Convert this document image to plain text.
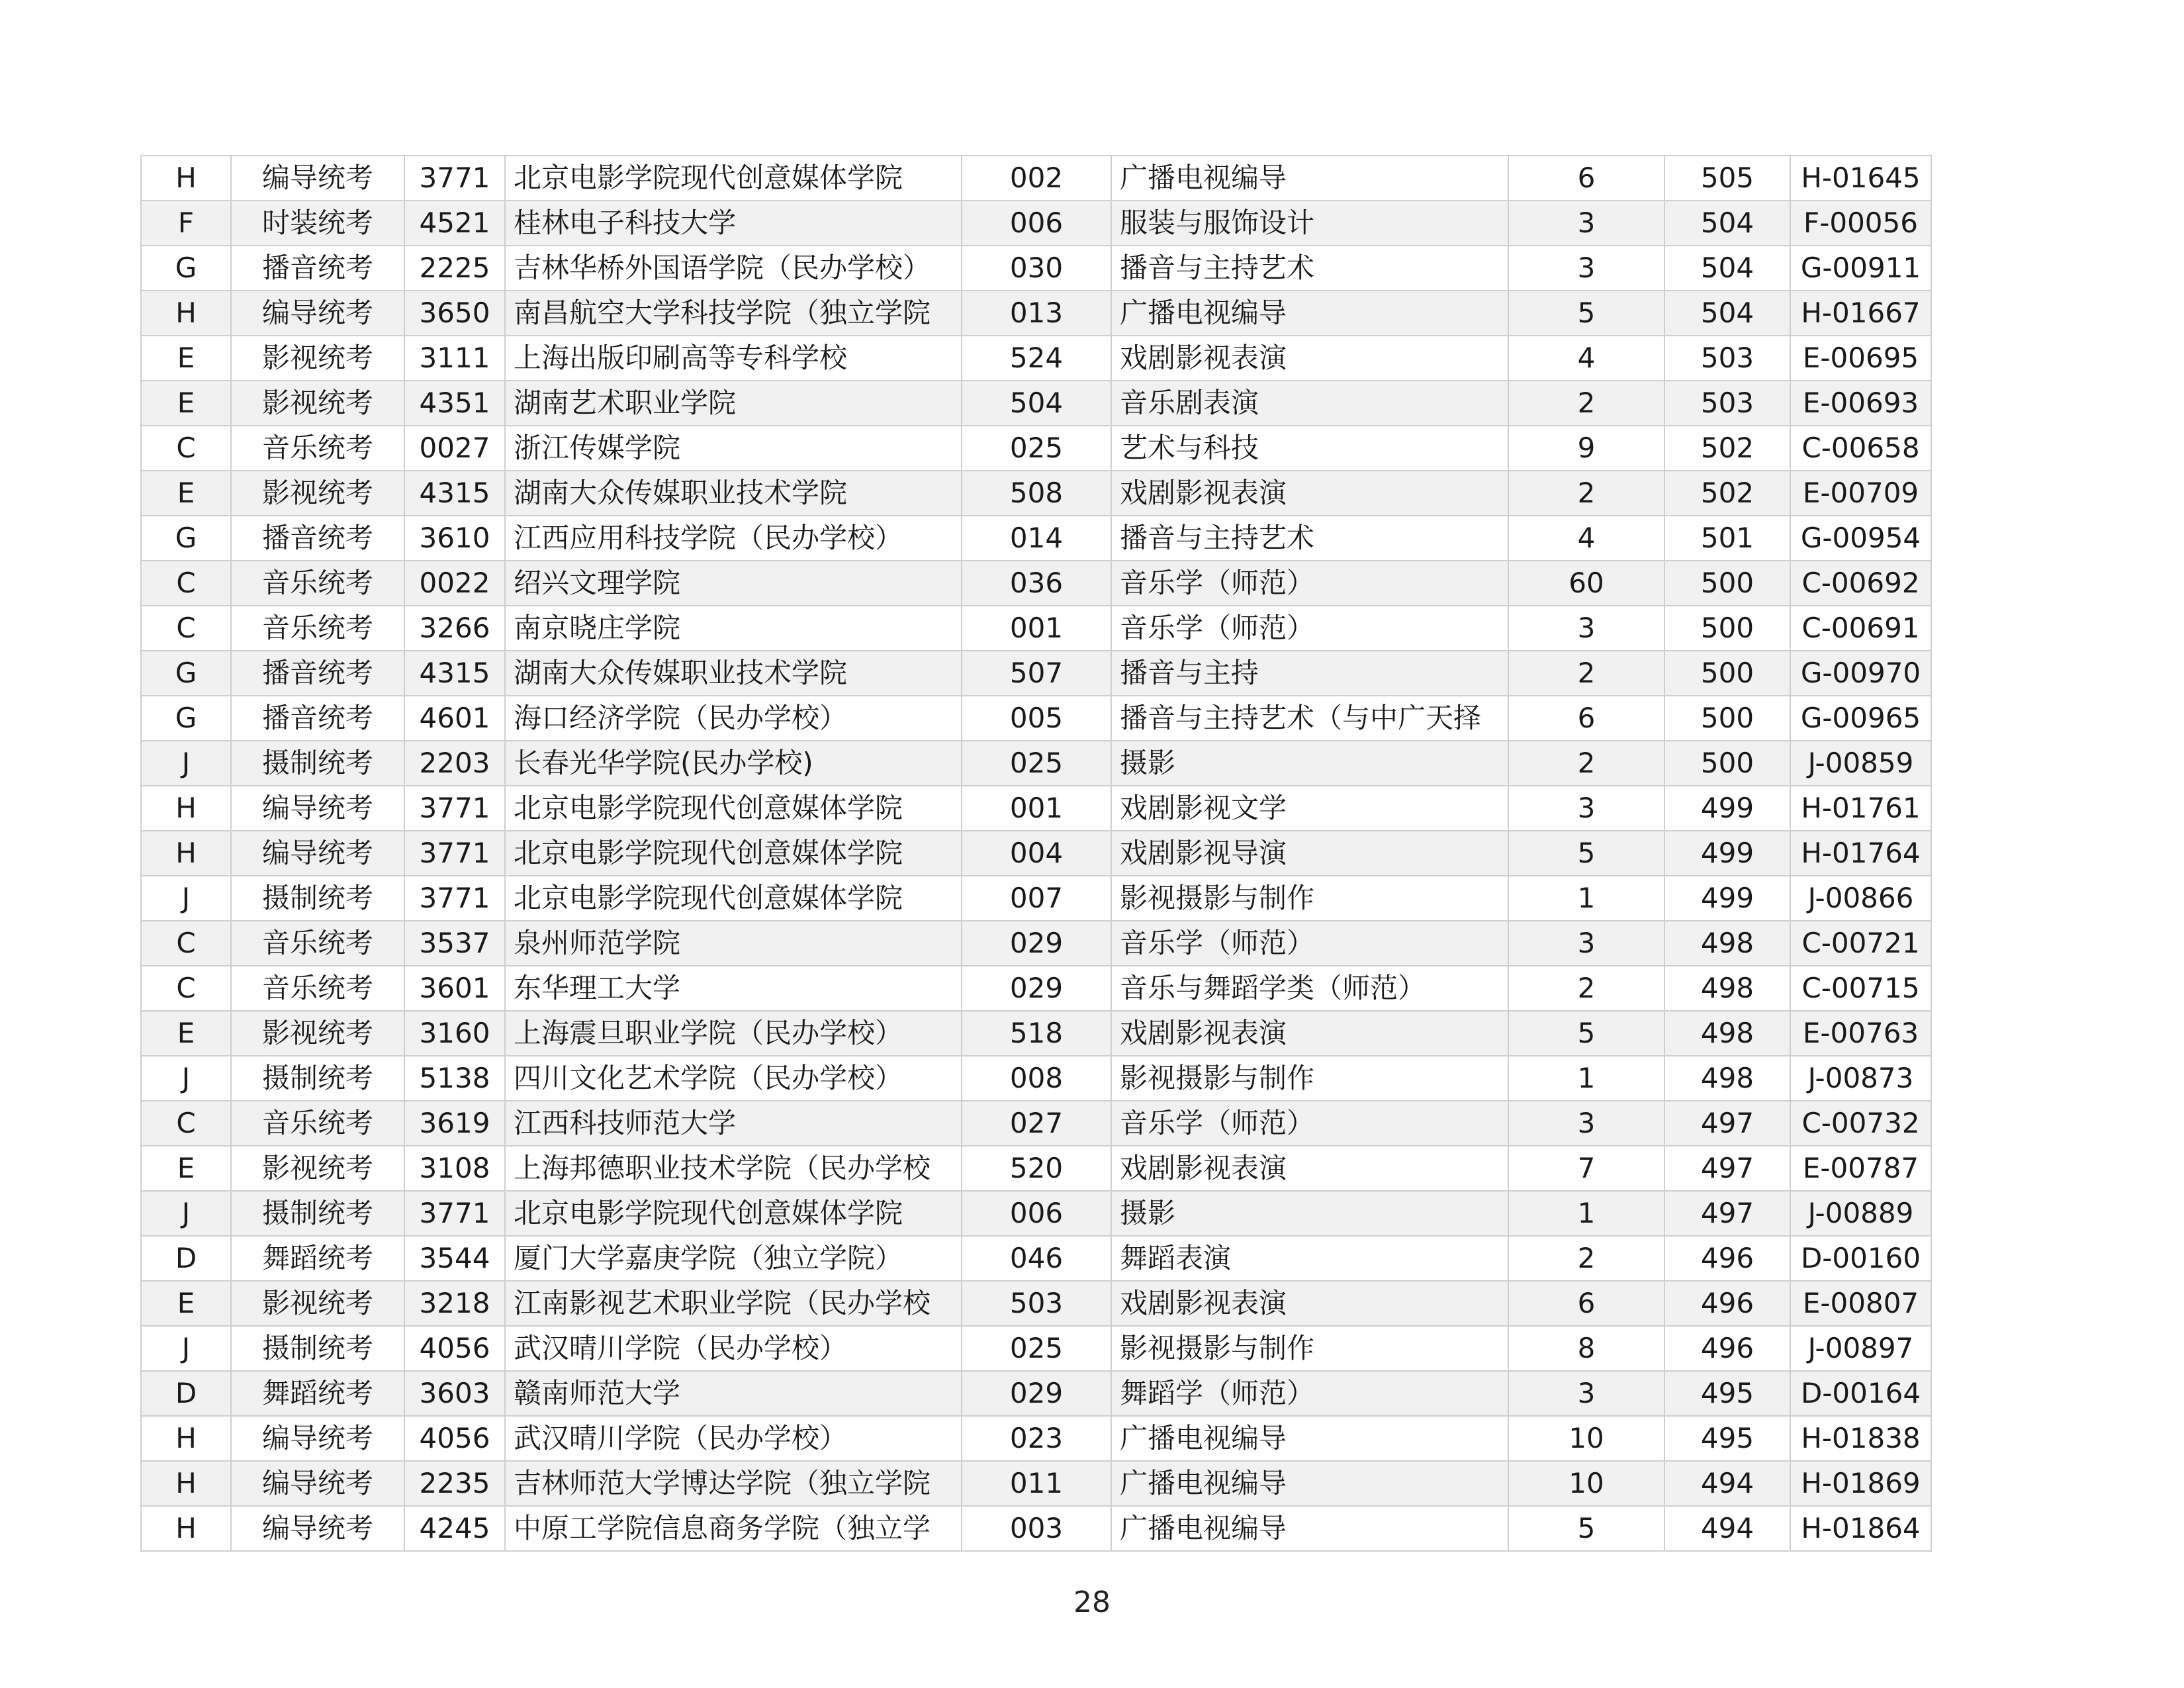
H	编导统考	3771	北京电影学院现代创意媒体学院	002	广播电视编导	6	505	H-01645
F	时装统考	4521	桂林电子科技大学	006	服装与服饰设计	3	504	F-00056
G	播音统考	2225	吉林华桥外国语学院（民办学校）	030	播音与主持艺术	3	504	G-00911
H	编导统考	3650	南昌航空大学科技学院（独立学院	013	广播电视编导	5	504	H-01667
E	影视统考	3111	上海出版印刷高等专科学校	524	戏剧影视表演	4	503	E-00695
E	影视统考	4351	湖南艺术职业学院	504	音乐剧表演	2	503	E-00693
C	音乐统考	0027	浙江传媒学院	025	艺术与科技	9	502	C-00658
E	影视统考	4315	湖南大众传媒职业技术学院	508	戏剧影视表演	2	502	E-00709
G	播音统考	3610	江西应用科技学院（民办学校）	014	播音与主持艺术	4	501	G-00954
C	音乐统考	0022	绍兴文理学院	036	音乐学（师范）	60	500	C-00692
C	音乐统考	3266	南京晓庄学院	001	音乐学（师范）	3	500	C-00691
G	播音统考	4315	湖南大众传媒职业技术学院	507	播音与主持	2	500	G-00970
G	播音统考	4601	海口经济学院（民办学校）	005	播音与主持艺术（与中广天择	6	500	G-00965
J	摄制统考	2203	长春光华学院(民办学校)	025	摄影	2	500	J-00859
H	编导统考	3771	北京电影学院现代创意媒体学院	001	戏剧影视文学	3	499	H-01761
H	编导统考	3771	北京电影学院现代创意媒体学院	004	戏剧影视导演	5	499	H-01764
J	摄制统考	3771	北京电影学院现代创意媒体学院	007	影视摄影与制作	1	499	J-00866
C	音乐统考	3537	泉州师范学院	029	音乐学（师范）	3	498	C-00721
C	音乐统考	3601	东华理工大学	029	音乐与舞蹈学类（师范）	2	498	C-00715
E	影视统考	3160	上海震旦职业学院（民办学校）	518	戏剧影视表演	5	498	E-00763
J	摄制统考	5138	四川文化艺术学院（民办学校）	008	影视摄影与制作	1	498	J-00873
C	音乐统考	3619	江西科技师范大学	027	音乐学（师范）	3	497	C-00732
E	影视统考	3108	上海邦德职业技术学院（民办学校	520	戏剧影视表演	7	497	E-00787
J	摄制统考	3771	北京电影学院现代创意媒体学院	006	摄影	1	497	J-00889
D	舞蹈统考	3544	厦门大学嘉庚学院（独立学院）	046	舞蹈表演	2	496	D-00160
E	影视统考	3218	江南影视艺术职业学院（民办学校	503	戏剧影视表演	6	496	E-00807
J	摄制统考	4056	武汉晴川学院（民办学校）	025	影视摄影与制作	8	496	J-00897
D	舞蹈统考	3603	赣南师范大学	029	舞蹈学（师范）	3	495	D-00164
H	编导统考	4056	武汉晴川学院（民办学校）	023	广播电视编导	10	495	H-01838
H	编导统考	2235	吉林师范大学博达学院（独立学院	011	广播电视编导	10	494	H-01869
H	编导统考	4245	中原工学院信息商务学院（独立学	003	广播电视编导	5	494	H-01864
28
